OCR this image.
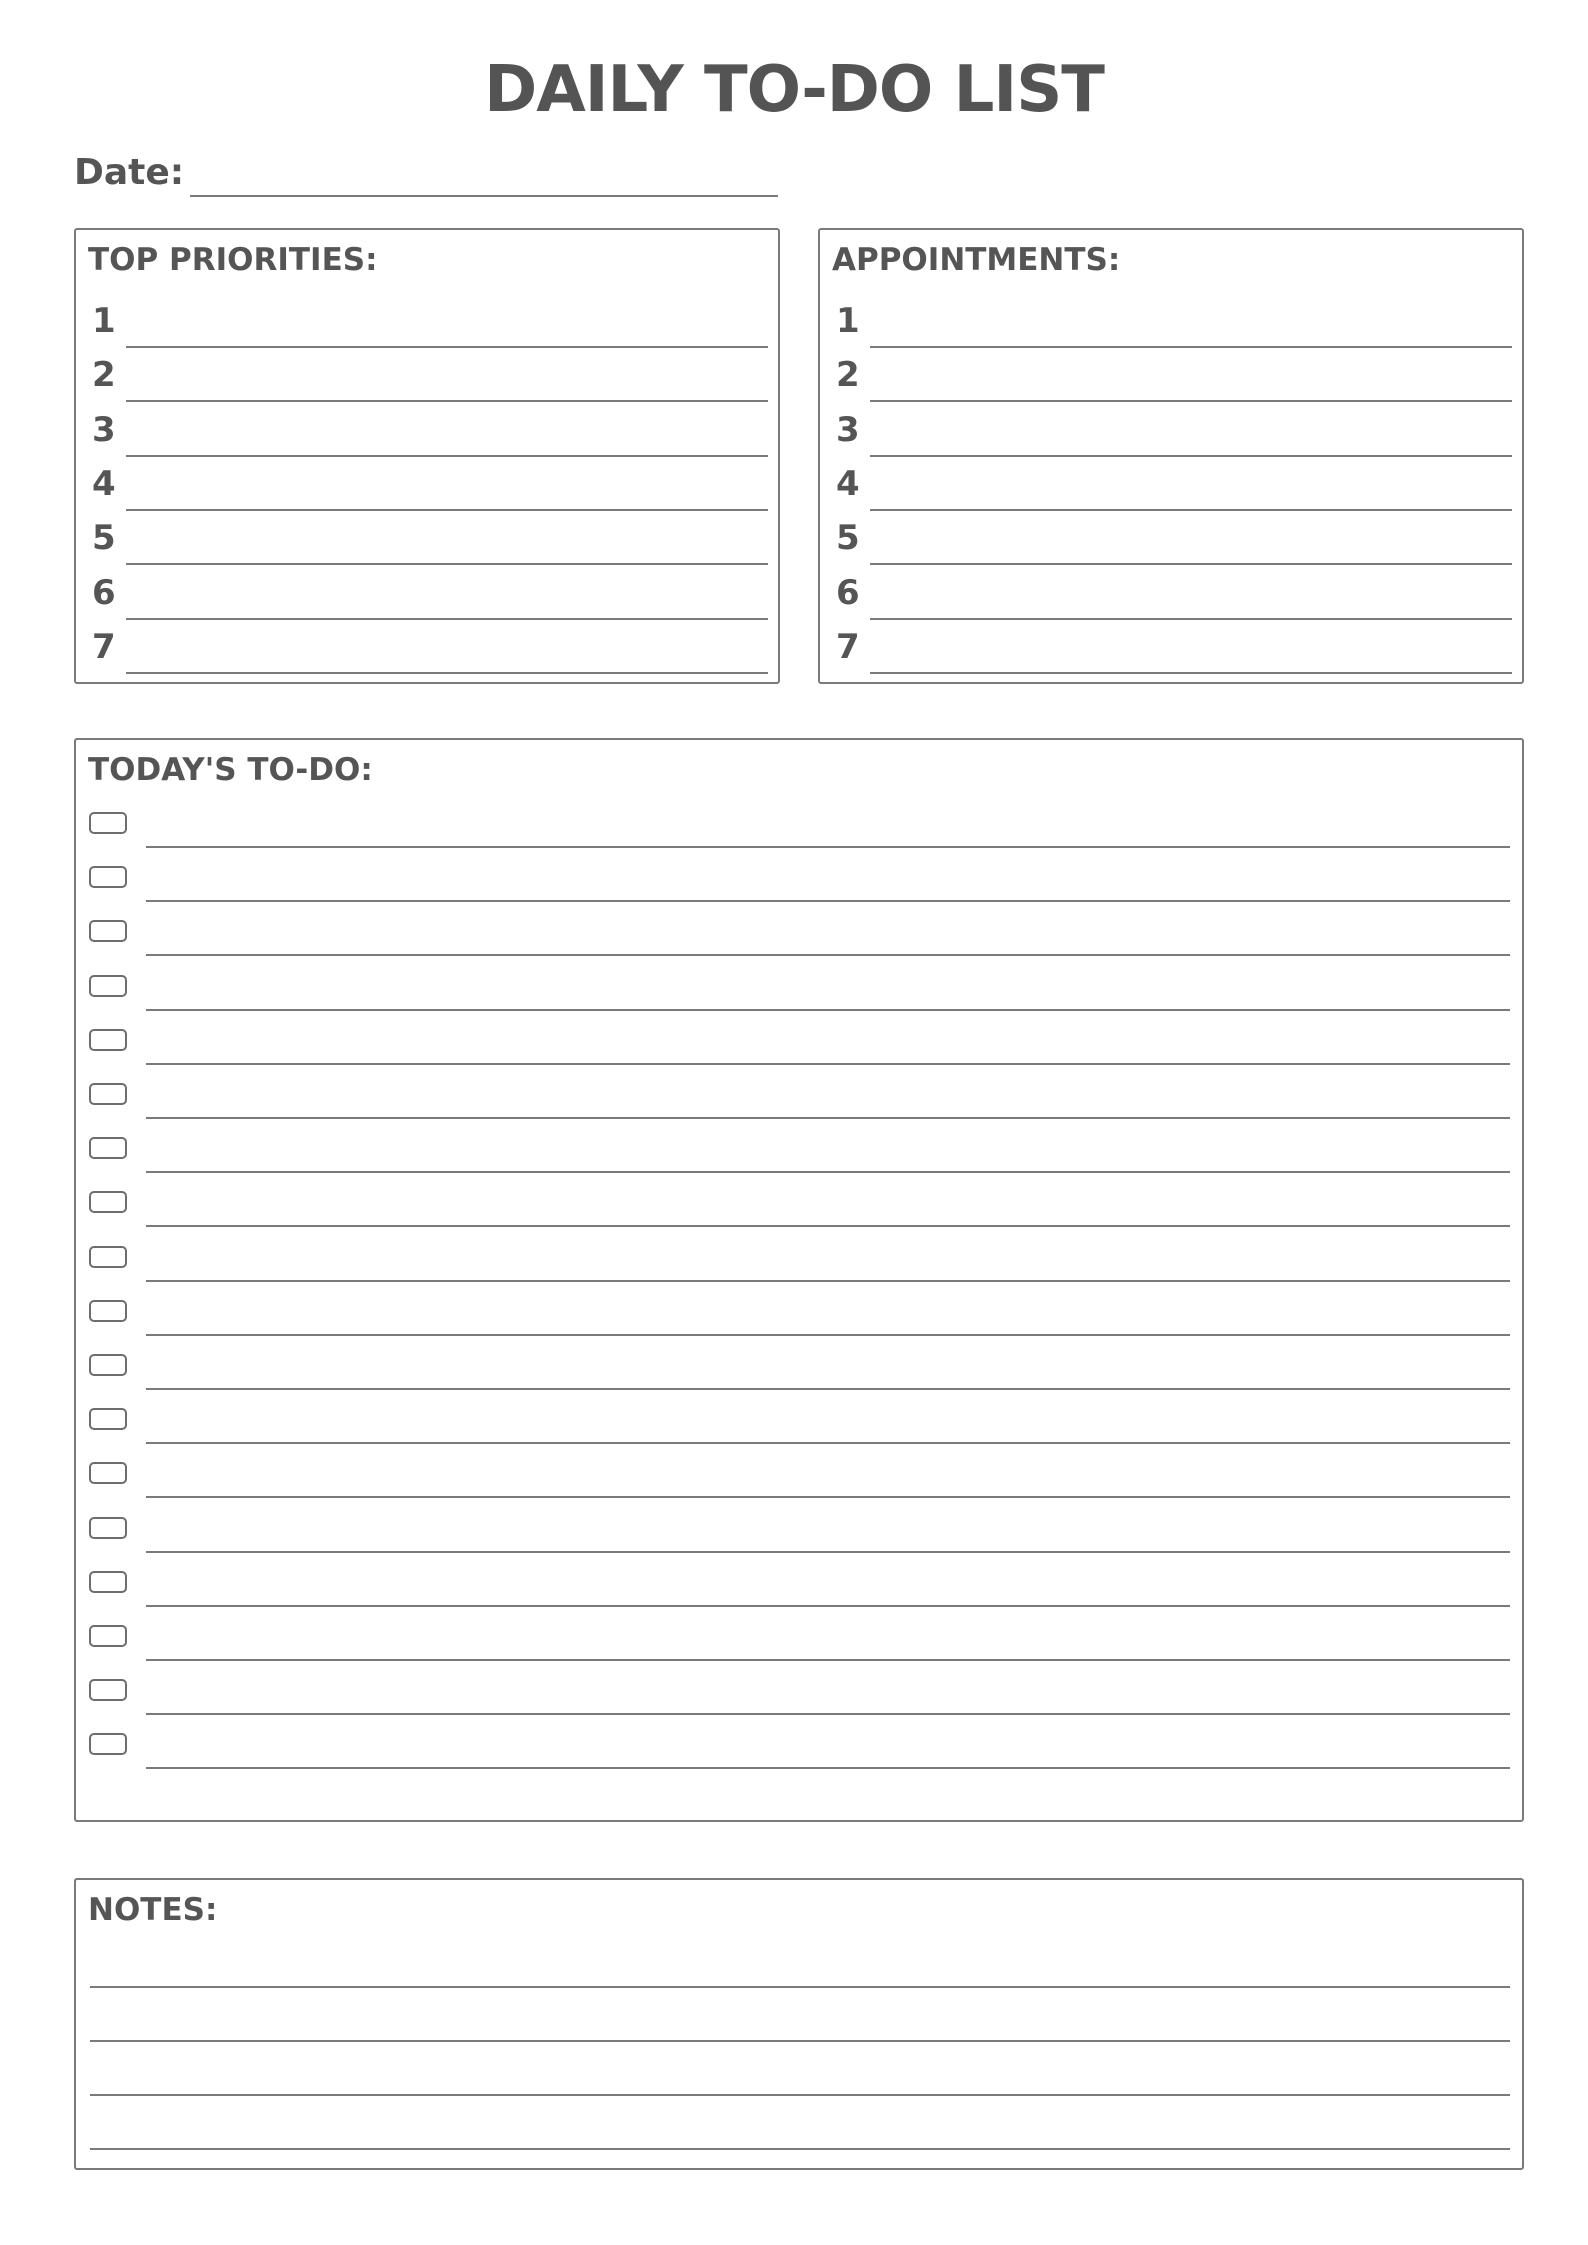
DAILY TO-DO LIST
Date:
TOP PRIORITIES:
1
2
3
4
5
6
7
APPOINTMENTS:
1
2
3
4
5
6
7
TODAY'S TO-DO:
NOTES:
